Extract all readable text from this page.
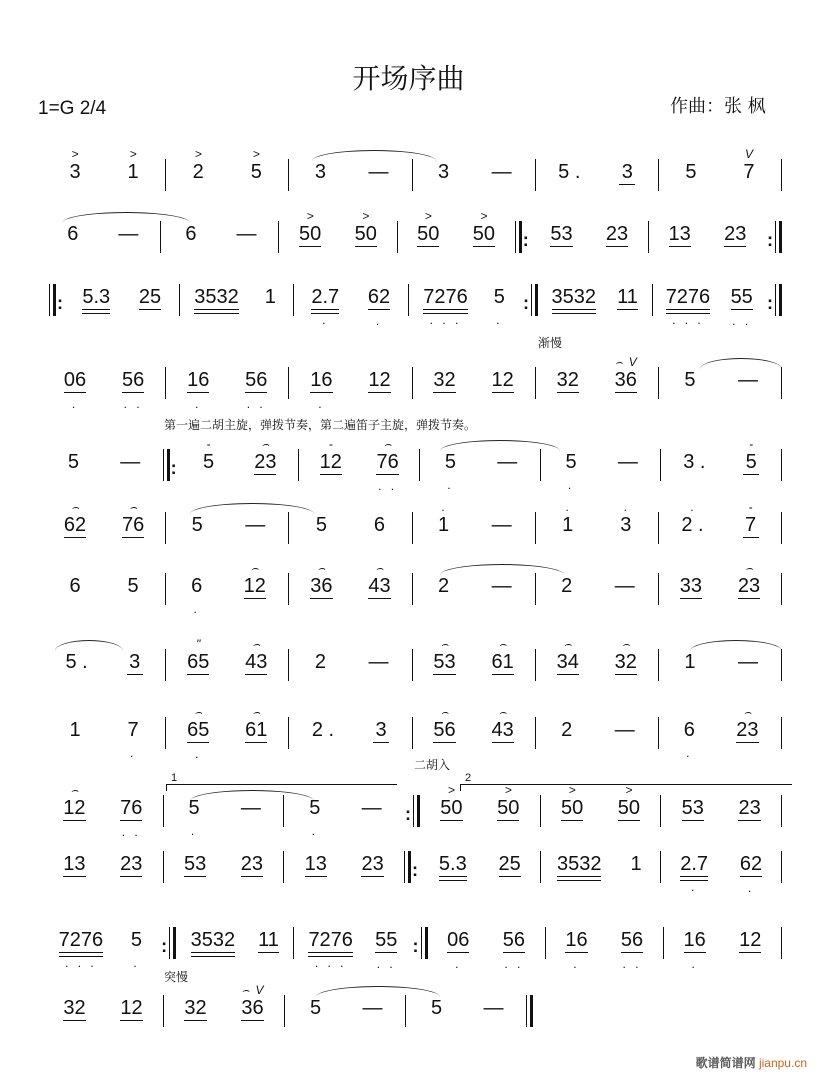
开场序曲
1=G 2/4	作曲：张 枫
>
3
>
1
>
2
>
5	3 — 3 — 5 . 3	5
V
7
6 — 6 —
>
50
>
50
>
50
>
50 :	53 23 13 23
:
:
5.3 25 3532 1 2.7
.
62
.
7276
. . .
5
.
:
3532 11 7276
. . .
55
. .
:
06
.
56
. .
16
.
56
. .
16
.
12 32 12 32
⌢ V
36 5 —
5 —
:
-
5
⌢
23
-
12
⌢
76
. .
5
.
— 5
.
— 3 .
-
5
⌢
62
⌢
76 5 —	5 6
.
1 —
.
1
.
3
.
2 .
-
7
6 5	6
.
⌢
12
⌢
36
⌢
43 2 — 2 — 33
⌢
23
5 . 3
"
65
⌢
43 2 —
⌢
53
⌢
61
⌢
34
⌢
32 1 —
1 7
.
⌢
65
.
⌢
61 2 . 3
⌢
56
⌢
43 2 — 6
.
⌢
23
⌢
12 76
. .
5
.
— 5
.
—
:
>
50
>
50
>
50
>
50 53 23
13 23 53 23 13 23 :	5.3 25 3532 1 2.7
.
62
.
7276
. . .
5
.
:
3532 11 7276
. . .
55
. .
:
06
.
56
. .
16
.
56
. .
16
.
12
32 12 32
⌢ V
36 5 — 5 —
渐慢
第一遍二胡主旋，弹拨节奏，第二遍笛子主旋，弹拨节奏。
二胡入
突慢
1	2
歌谱简谱网 jianpu.cn
